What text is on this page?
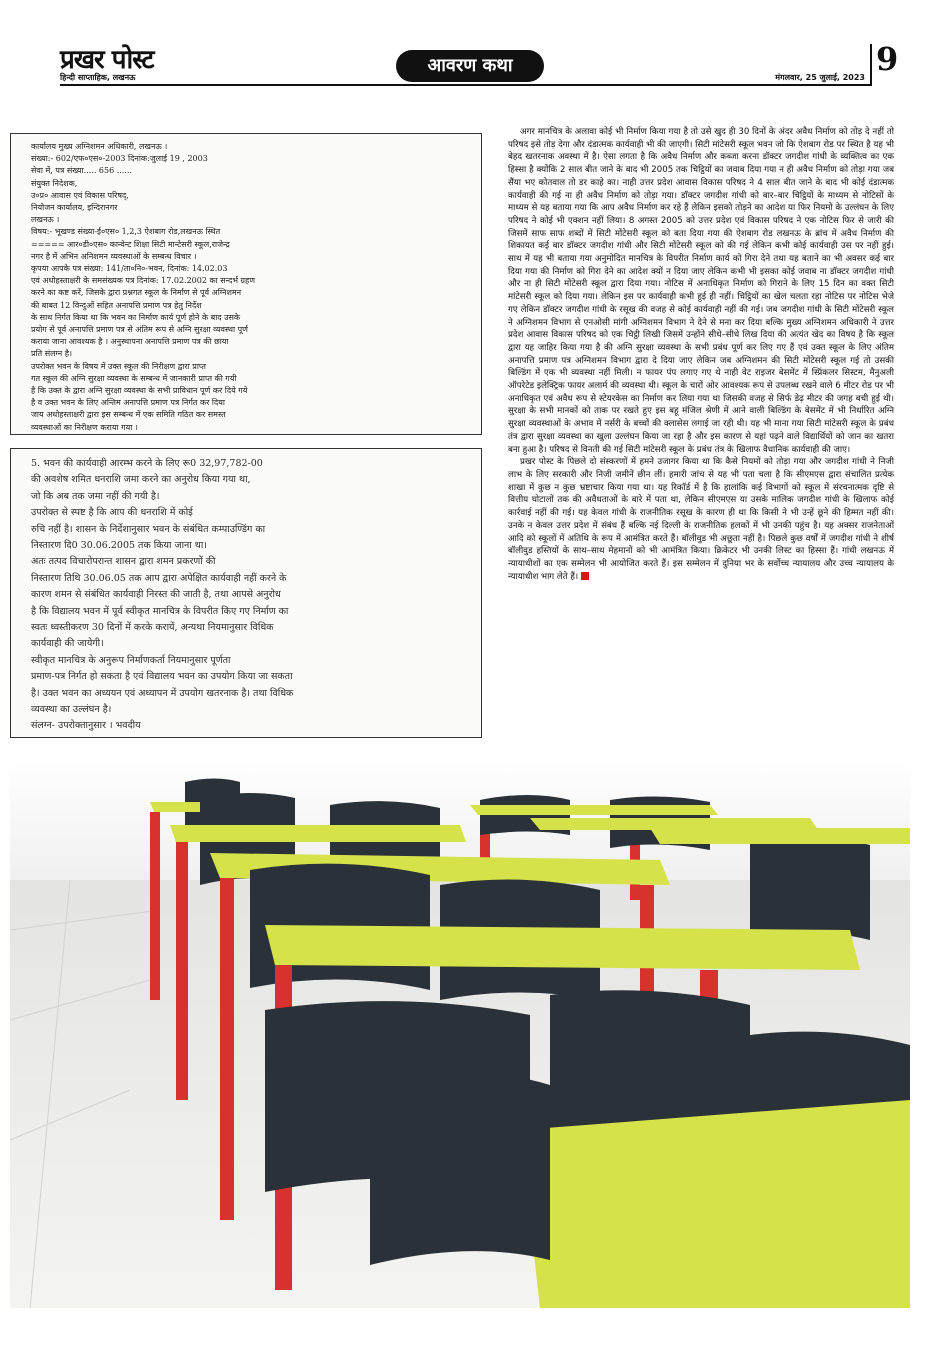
प्रखर पोस्ट
हिन्दी साप्ताहिक, लखनऊ
आवरण कथा
मंगलवार, 25 जुलाई, 2023 9
कार्यालय मुख्य अग्निशमन अधिकारी, लखनऊ ।
संख्या:- 602/एफ०एस०-2003 दिनांक:जुलाई 19 , 2003
सेवा में, पत्र संख्या..... 656 ......
संयुक्त निदेशक,
उ०प्र० आवास एवं विकास परिषद्,
नियोजन कार्यालय, इन्दिरानगर
लखनऊ ।
विषय:- भूखण्ड संख्या-ई०एस० 1,2,3 ऐशबाग रोड,लखनऊ स्थित
===== आर०डी०एस० कान्वेन्ट शिक्षा सिटी मान्टेसरी स्कूल,राजेन्द्र
नगर है में अभिन अनिशमन व्यवस्थाओं के सम्बन्ध विचार ।
कृपया आपके पत्र संख्या: 141/ता०नि०-भवन, दिनांक: 14.02.03
एवं अधोहस्ताक्षरी के समसंख्यक पत्र दिनांक: 17.02.2002 का सन्दर्भ ग्रहण
करने का कष्ट करें, जिसके द्वारा प्रश्नगत स्कूल के निर्माण से पूर्व अग्निशमन
की बाबत 12 विन्दुओं सहित अनापत्ति प्रमाण पत्र हेतु निर्देश
के साथ निर्गत किया था कि भवन का निर्माण कार्य पूर्ण होने के बाद उसके
प्रयोग से पूर्व अनापत्ति प्रमाण पत्र से अंतिम रूप से अग्नि सुरक्षा व्यवस्था पूर्ण
कराया जाना आवश्यक है । अनुस्थापना अनापत्ति प्रमाण पत्र की छाया
प्रति संलग्न है।
उपरोक्त भवन के विषय में उक्त स्कूल की निरीक्षण द्वारा प्राप्त
गत स्कूल की अग्नि सुरक्षा व्यवस्था के सम्बन्ध में जानकारी प्राप्त की गयी
है कि उक्त के द्वारा अग्नि सुरक्षा व्यवस्था के सभी प्राविधान पूर्ण कर दिये गये
है व उक्त भवन के लिए अन्तिम अनापत्ति प्रमाण पत्र निर्गत कर दिया
जाय अधोहस्ताक्षरी द्वारा इस सम्बन्ध में एक समिति गठित कर समस्त
व्यवस्थाओं का निरीक्षण कराया गया ।
5. भवन की कार्यवाही आरम्भ करने के लिए रू0 32,97,782-00
की अवशेष शमित धनराशि जमा करने का अनुरोध किया गया था,
जो कि अब तक जमा नहीं की गयी है।
उपरोक्त से स्पष्ट है कि आप की धनराशि में कोई
रुचि नहीं है। शासन के निर्देशानुसार भवन के संबंधित कम्पाउण्डिंग का
निस्तारण दि0 30.06.2005 तक किया जाना था।
अतः तत्पद विचारोपरान्त शासन द्वारा शमन प्रकरणों की
निस्तारण तिथि 30.06.05 तक आप द्वारा अपेक्षित कार्यवाही नहीं करने के
कारण शमन से संबंधित कार्यवाही निरस्त की जाती है, तथा आपसे अनुरोध
है कि विद्यालय भवन में पूर्व स्वीकृत मानचित्र के विपरीत किए गए निर्माण का
स्वतः ध्वस्तीकरण 30 दिनों में करके करायें, अन्यथा नियमानुसार विधिक
कार्यवाही की जायेगी।
स्वीकृत मानचित्र के अनुरूप निर्माणकर्ता नियमानुसार पूर्णता
प्रमाण-पत्र निर्गत हो सकता है एवं विद्यालय भवन का उपयोग किया जा सकता
है। उक्त भवन का अध्ययन एवं अध्यापन में उपयोग खतरनाक है। तथा विधिक
व्यवस्था का उल्लंघन है।
संलग्न- उपरोक्तानुसार । भवदीय

अगर मानचित्र के अलावा कोई भी निर्माण किया गया है तो उसे खुद ही 30 दिनों के अंदर अवैध निर्माण को तोड़ दे नहीं तो परिषद इसे तोड़ देगा और दंडात्मक कार्यवाही भी की जाएगी। सिटी मांटेसरी स्कूल भवन जो कि ऐशबाग रोड पर स्थित है यह भी बेहद खतरनाक अवस्था में है। ऐसा लगता है कि अवैध निर्माण और कब्जा करना डॉक्टर जगदीश गांधी के व्यक्तित्व का एक हिस्सा है क्योंकि 2 साल बीत जाने के बाद भी 2005 तक चिट्ठियों का जवाब दिया गया न ही अवैध निर्माण को तोड़ा गया जब सैंया भए कोतवाल तो डर काहे का। नाही उत्तर प्रदेश आवास विकास परिषद ने 4 साल बीत जाने के बाद भी कोई दंडात्मक कार्यवाही की गई ना ही अवैध निर्माण को तोड़ा गया। डॉक्टर जगदीश गांधी को बार–बार चिट्ठियों के माध्यम से नोटिसों के माध्यम से यह बताया गया कि आप अवैध निर्माण कर रहे हैं लेकिन इसको तोड़ने का आदेश या फिर नियमों के उल्लंघन के लिए परिषद ने कोई भी एक्शन नहीं लिया। 8 अगस्त 2005 को उत्तर प्रदेश एवं विकास परिषद ने एक नोटिस फिर से जारी की जिसमें साफ साफ शब्दों में सिटी मोंटेसरी स्कूल को बता दिया गया की ऐशबाग रोड लखनऊ के ब्रांच में अवैध निर्माण की शिकायत कई बार डॉक्टर जगदीश गांधी और सिटी मोंटेसरी स्कूल को की गई लेकिन कभी कोई कार्यवाही उस पर नहीं हुई। साथ में यह भी बताया गया अनुमोदित मानचित्र के विपरीत निर्माण कार्य को गिरा देने तथा यह बताने का भी अवसर कई बार दिया गया की निर्माण को गिरा देने का आदेश क्यों न दिया जाए लेकिन कभी भी इसका कोई जवाब ना डॉक्टर जगदीश गांधी और ना ही सिटी मोंटेसरी स्कूल द्वारा दिया गया। नोटिस में अनाधिकृत निर्माण को गिराने के लिए 15 दिन का वक्त सिटी मांटेसरी स्कूल को दिया गया। लेकिन इस पर कार्यवाही कभी हुई ही नहीं। चिट्ठियों का खेल चलता रहा नोटिस पर नोटिस भेजे गए लेकिन डॉक्टर जगदीश गांधी के रसूख की वजह से कोई कार्यवाही नहीं की गई। जब जगदीश गांधी के सिटी मोंटेसरी स्कूल ने अग्निशमन विभाग से एनओसी मांगी अग्निशमन विभाग ने देने से मना कर दिया बल्कि मुख्य अग्निशमन अधिकारी ने उत्तर प्रदेश आवास विकास परिषद को एक चिट्ठी लिखी जिसमें उन्होंने सीधे–सीधे लिख दिया की अत्यंत खेद का विषय है कि स्कूल द्वारा यह जाहिर किया गया है की अग्नि सुरक्षा व्यवस्था के सभी प्रबंध पूर्ण कर लिए गए हैं एवं उक्त स्कूल के लिए अंतिम अनापत्ति प्रमाण पत्र अग्निशमन विभाग द्वारा दे दिया जाए लेकिन जब अग्निशमन की सिटी मोंटेसरी स्कूल गई तो उसकी बिल्डिंग में एक भी व्यवस्था नहीं मिली। न फायर पंप लगाए गए थे नाही वेट राइजर बेसमेंट में स्प्रिंकलर सिस्टम, मैनुअली ऑपरेटेड इलेक्ट्रिक फायर अलार्म की व्यवस्था थी। स्कूल के चारों ओर आवश्यक रूप से उपलब्ध रखने वाले 6 मीटर रोड पर भी अनाधिकृत एवं अवैध रूप से स्टेयरकेस का निर्माण कर लिया गया था जिसकी वजह से सिर्फ डेढ़ मीटर की जगह बची हुई थी। सुरक्षा के सभी मानकों को ताक पर रखते हुए इस बहू मंजिल श्रेणी में आने वाली बिल्डिंग के बेसमेंट में भी निर्धारित अग्नि सुरक्षा व्यवस्थाओं के अभाव में नर्सरी के बच्चों की क्लासेस लगाई जा रही थी। यह भी माना गया सिटी मांटेसरी स्कूल के प्रबंध तंत्र द्वारा सुरक्षा व्यवस्था का खुला उल्लंघन किया जा रहा है और इस कारण से यहां पढ़ने वाले विद्यार्थियों को जान का खतरा बना हुआ है। परिषद से विनती की गई सिटी मांटेसरी स्कूल के प्रबंध तंत्र के खिलाफ वैधानिक कार्यवाही की जाए।

प्रखर पोस्ट के पिछले दो संस्करणों में हमने उजागर किया था कि कैसे नियमों को तोड़ा गया और जगदीश गांधी ने निजी लाभ के लिए सरकारी और निजी जमीनें छीन लीं। हमारी जांच से यह भी पता चला है कि सीएमएस द्वारा संचालित प्रत्येक शाखा में कुछ न कुछ भ्रष्टाचार किया गया था। यह रिकॉर्ड में है कि हालांकि कई विभागों को स्कूल में संरचनात्मक दृष्टि से वित्तीय घोटालों तक की अवैधताओं के बारे में पता था, लेकिन सीएमएस या उसके मालिक जगदीश गांधी के खिलाफ कोई कार्रवाई नहीं की गई। यह केवल गांधी के राजनीतिक रसूख के कारण ही था कि किसी ने भी उन्हें छूने की हिम्मत नहीं की। उनके न केवल उत्तर प्रदेश में संबंध हैं बल्कि नई दिल्ली के राजनीतिक हलकों में भी उनकी पहुंच है। यह अक्सर राजनेताओं आदि को स्कूलों में अतिथि के रूप में आमंत्रित करते हैं। बॉलीवुड भी अछूता नहीं है। पिछले कुछ वर्षों में जगदीश गांधी ने शीर्ष बॉलीवुड हस्तियों के साथ–साथ मेहमानों को भी आमंत्रित किया। क्रिकेटर भी उनकी लिस्ट का हिस्सा हैं। गांधी लखनऊ में न्यायाधीशों का एक सम्मेलन भी आयोजित करते हैं। इस सम्मेलन में दुनिया भर के सर्वोच्च न्यायालय और उच्च न्यायालय के न्यायाधीश भाग लेते हैं।
